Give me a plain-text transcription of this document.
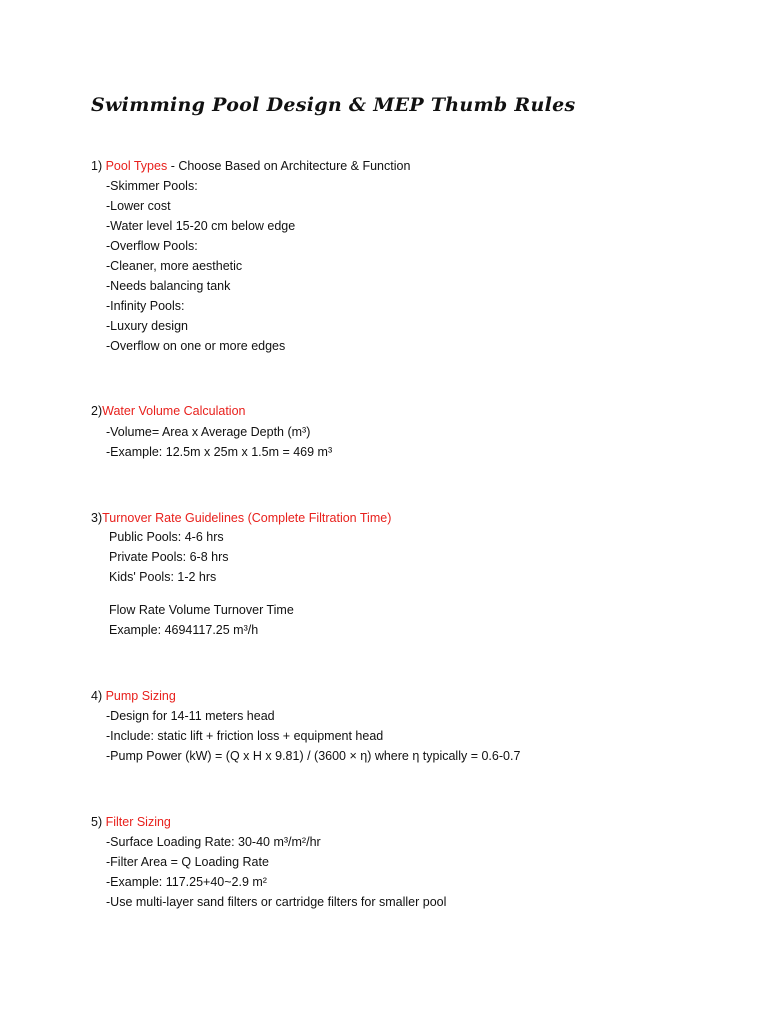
Swimming Pool Design & MEP Thumb Rules
1) Pool Types - Choose Based on Architecture & Function
-Skimmer Pools:
-Lower cost
-Water level 15-20 cm below edge
-Overflow Pools:
-Cleaner, more aesthetic
-Needs balancing tank
-Infinity Pools:
-Luxury design
-Overflow on one or more edges
2)Water Volume Calculation
-Volume= Area x Average Depth (m³)
-Example: 12.5m x 25m x 1.5m = 469 m³
3)Turnover Rate Guidelines (Complete Filtration Time)
Public Pools: 4-6 hrs
Private Pools: 6-8 hrs
Kids' Pools: 1-2 hrs
Flow Rate Volume Turnover Time
Example: 4694117.25 m³/h
4) Pump Sizing
-Design for 14-11 meters head
-Include: static lift + friction loss + equipment head
-Pump Power (kW) = (Q x H x 9.81) / (3600 × η) where η typically = 0.6-0.7
5) Filter Sizing
-Surface Loading Rate: 30-40 m³/m²/hr
-Filter Area = Q Loading Rate
-Example: 117.25+40~2.9 m²
-Use multi-layer sand filters or cartridge filters for smaller pool
